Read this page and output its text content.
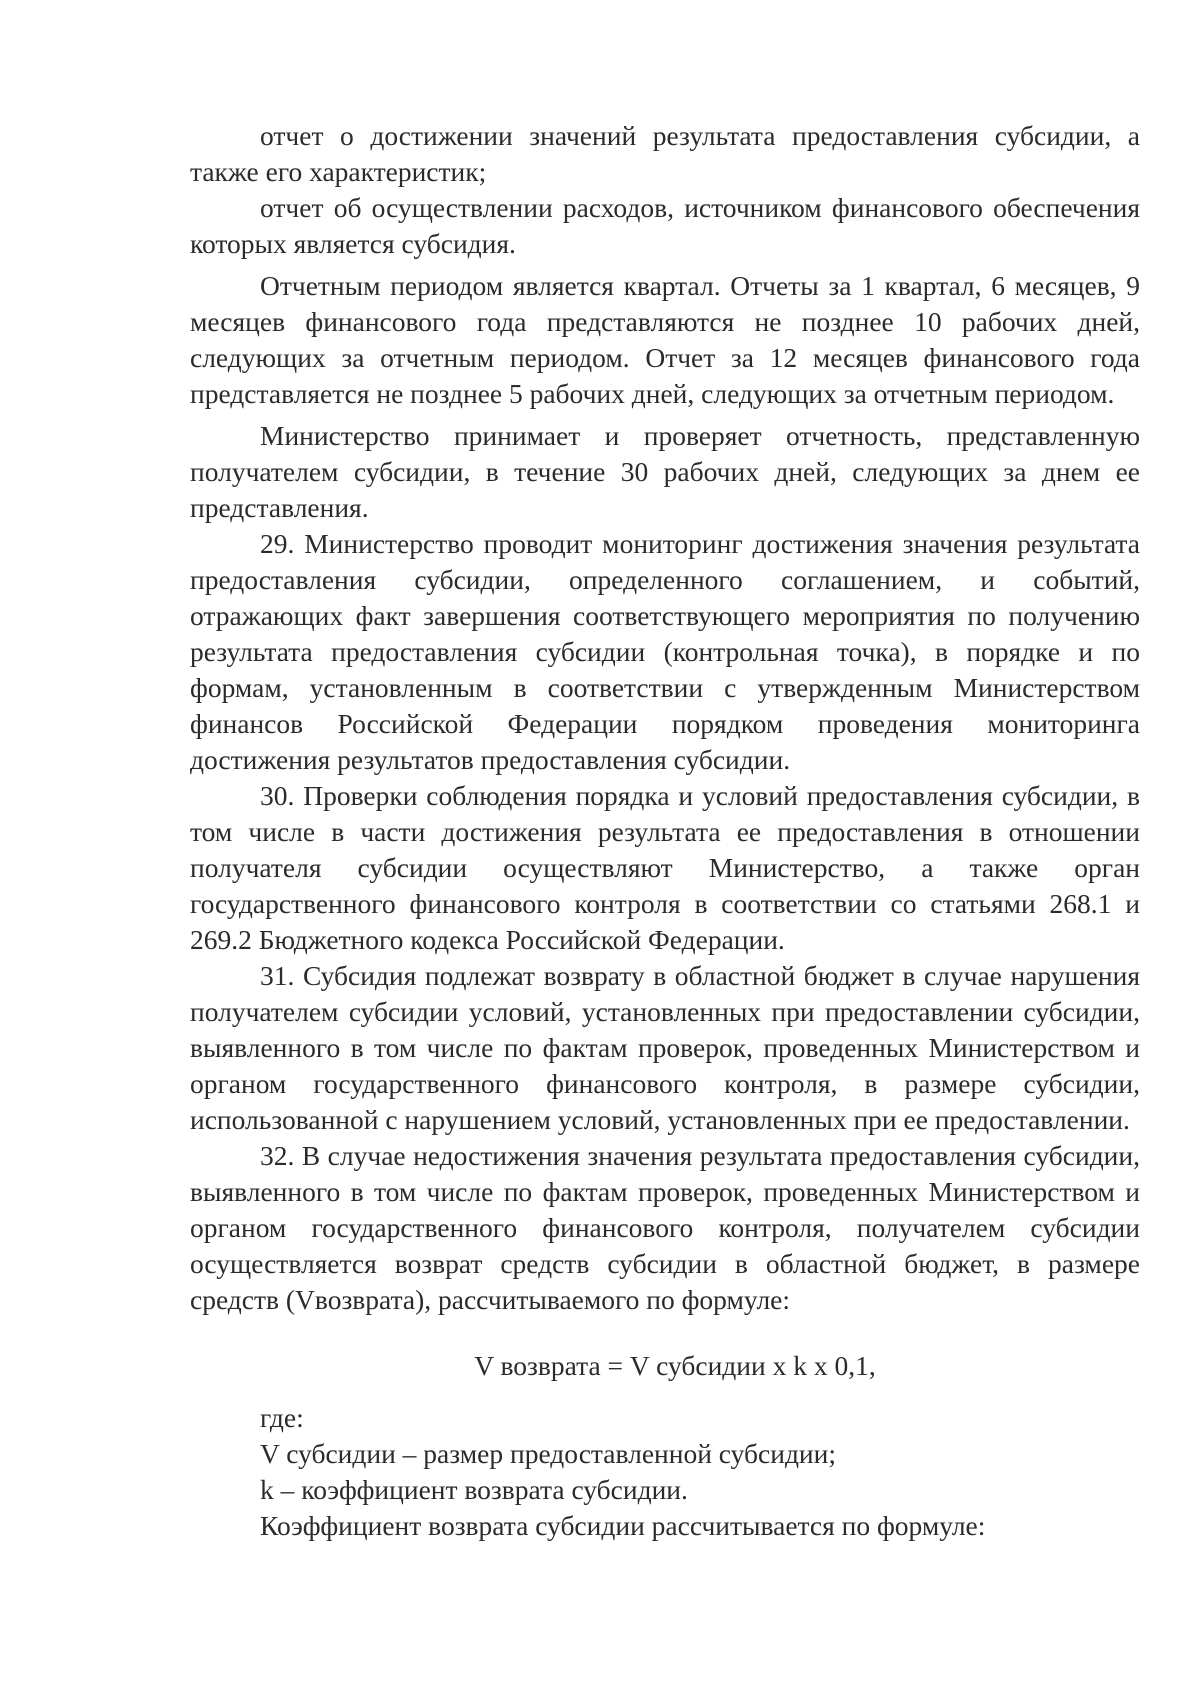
отчет о достижении значений результата предоставления субсидии, а также его характеристик;

отчет об осуществлении расходов, источником финансового обеспечения которых является субсидия.

Отчетным периодом является квартал. Отчеты за 1 квартал, 6 месяцев, 9 месяцев финансового года представляются не позднее 10 рабочих дней, следующих за отчетным периодом. Отчет за 12 месяцев финансового года представляется не позднее 5 рабочих дней, следующих за отчетным периодом.

Министерство принимает и проверяет отчетность, представленную получателем субсидии, в течение 30 рабочих дней, следующих за днем ее представления.

29. Министерство проводит мониторинг достижения значения результата предоставления субсидии, определенного соглашением, и событий, отражающих факт завершения соответствующего мероприятия по получению результата предоставления субсидии (контрольная точка), в порядке и по формам, установленным в соответствии с утвержденным Министерством финансов Российской Федерации порядком проведения мониторинга достижения результатов предоставления субсидии.

30. Проверки соблюдения порядка и условий предоставления субсидии, в том числе в части достижения результата ее предоставления в отношении получателя субсидии осуществляют Министерство, а также орган государственного финансового контроля в соответствии со статьями 268.1 и 269.2 Бюджетного кодекса Российской Федерации.

31. Субсидия подлежат возврату в областной бюджет в случае нарушения получателем субсидии условий, установленных при предоставлении субсидии, выявленного в том числе по фактам проверок, проведенных Министерством и органом государственного финансового контроля, в размере субсидии, использованной с нарушением условий, установленных при ее предоставлении.

32. В случае недостижения значения результата предоставления субсидии, выявленного в том числе по фактам проверок, проведенных Министерством и органом государственного финансового контроля, получателем субсидии осуществляется возврат средств субсидии в областной бюджет, в размере средств (Vвозврата), рассчитываемого по формуле:

V возврата = V субсидии x k x 0,1,

где:

V субсидии – размер предоставленной субсидии;

k – коэффициент возврата субсидии.

Коэффициент возврата субсидии рассчитывается по формуле:
